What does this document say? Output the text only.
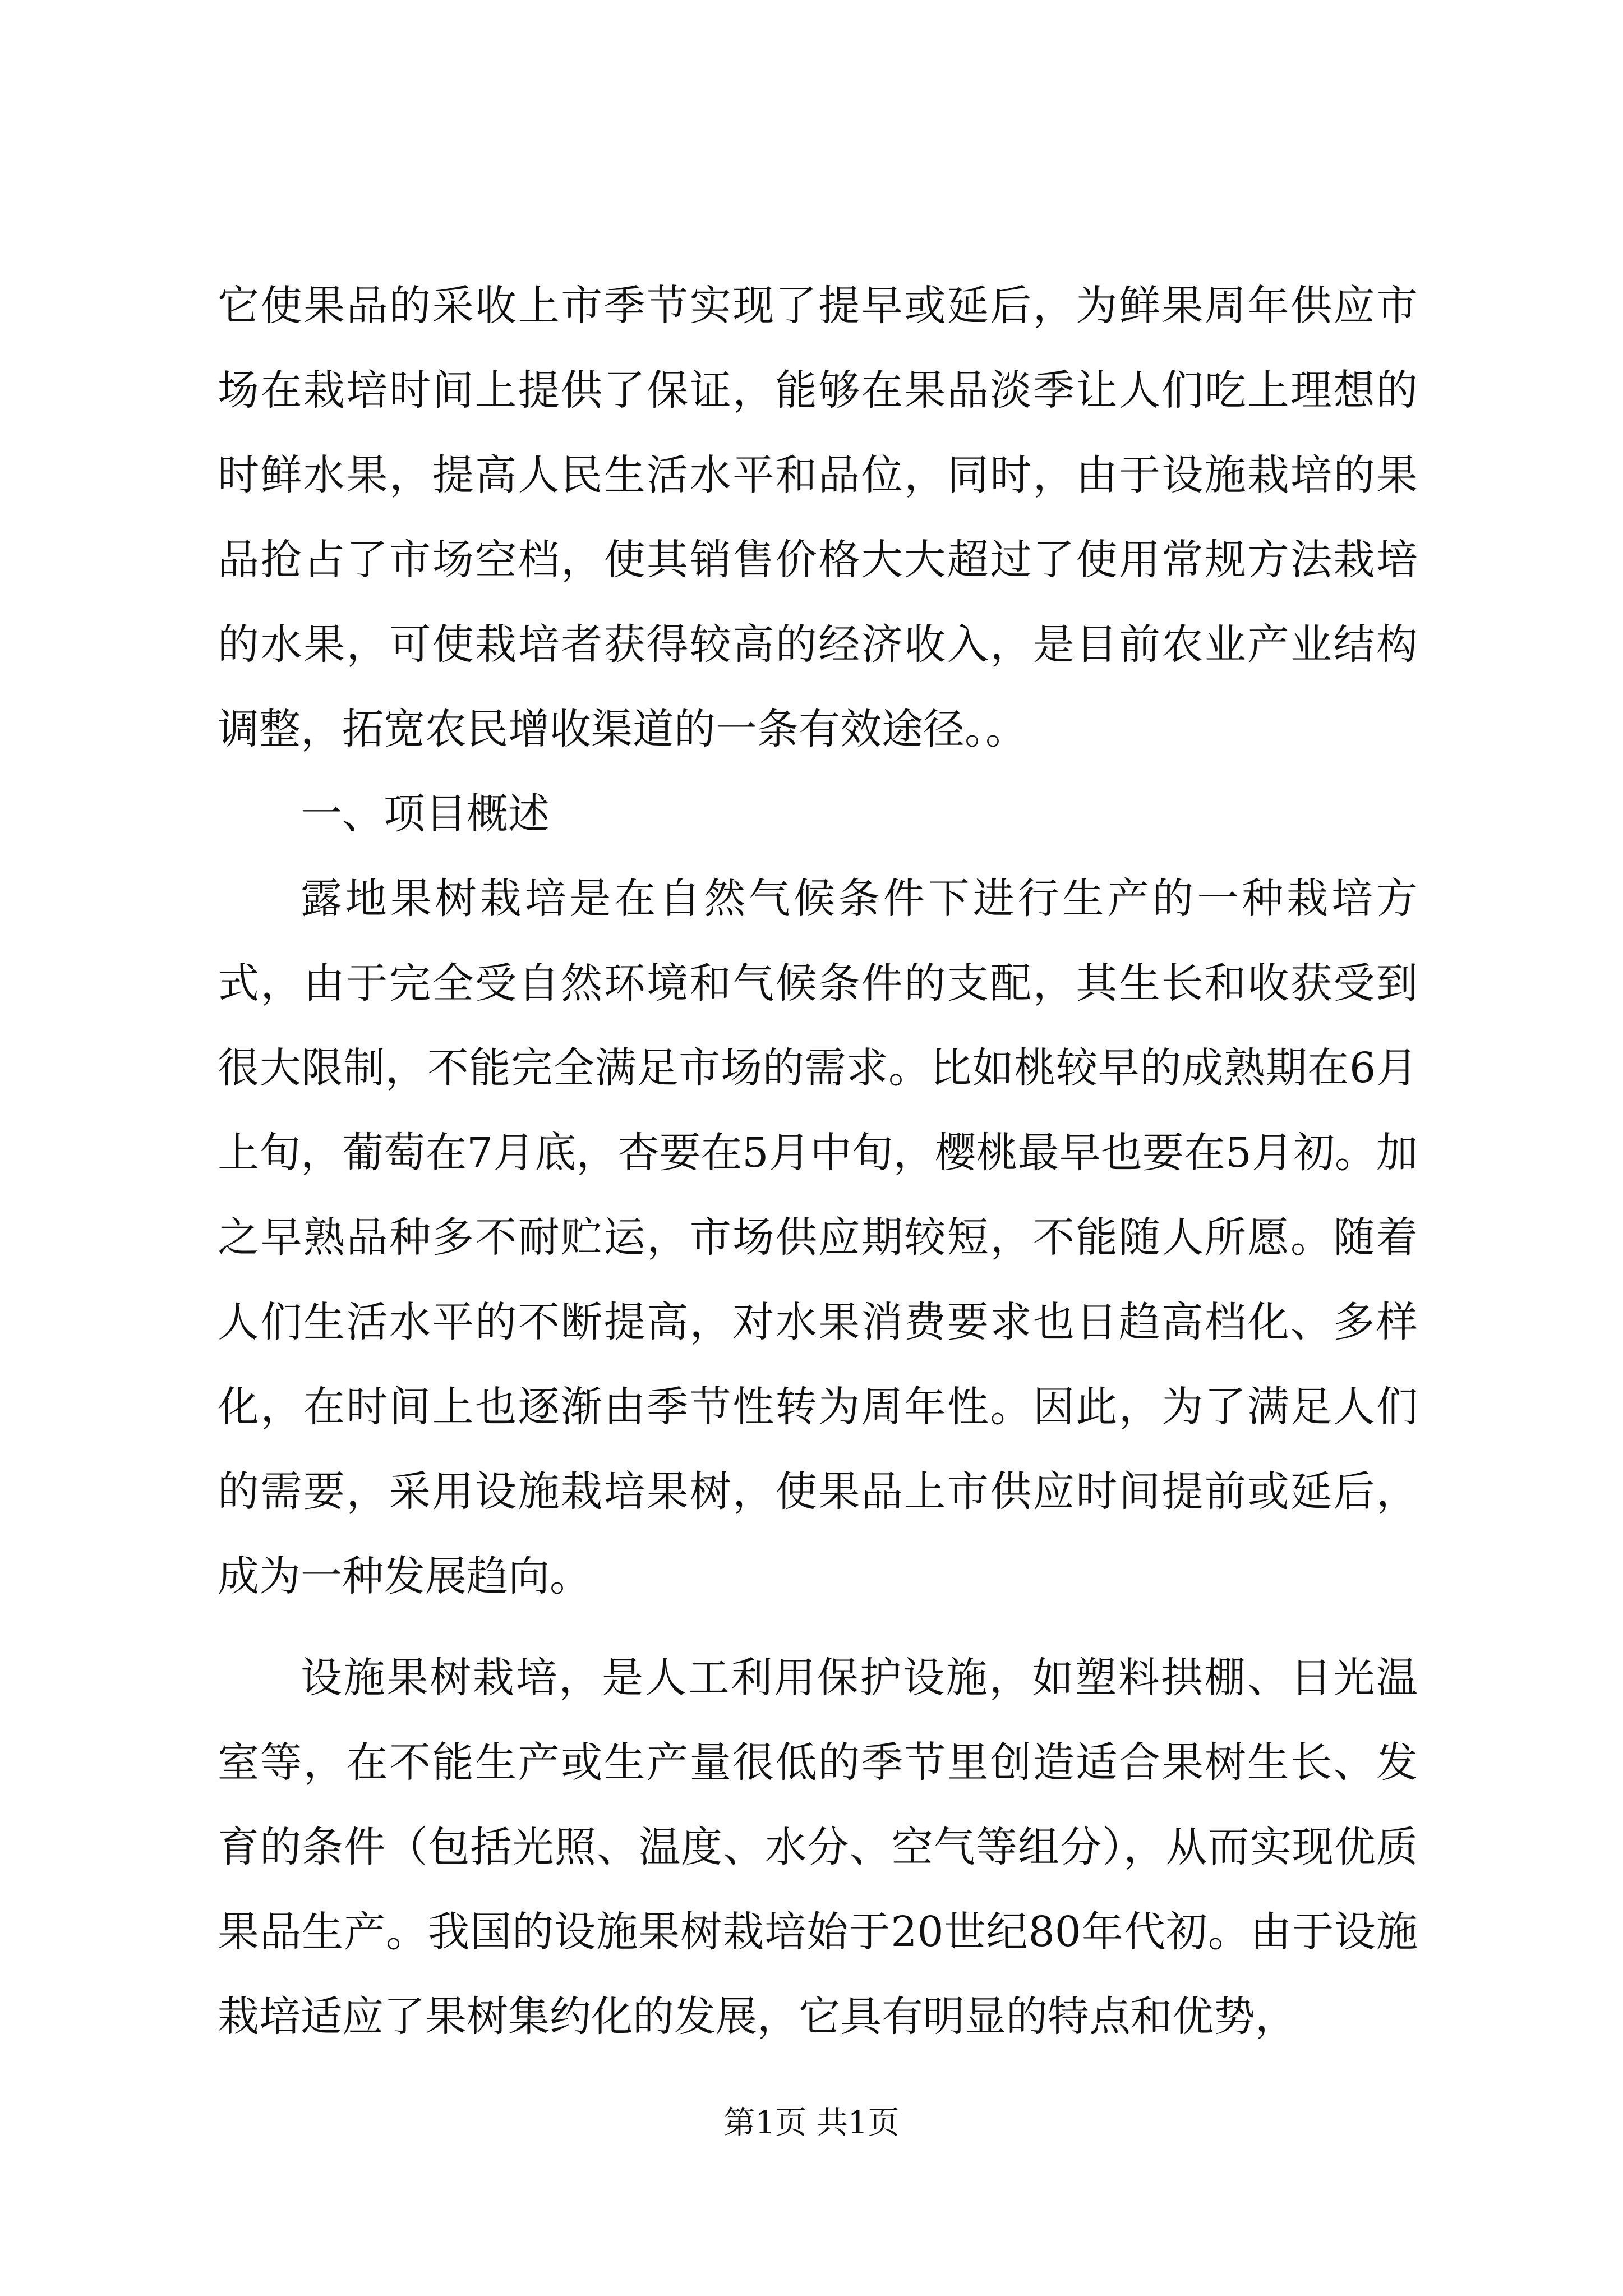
它使果品的采收上市季节实现了提早或延后，为鲜果周年供应市场在栽培时间上提供了保证，能够在果品淡季让人们吃上理想的时鲜水果，提高人民生活水平和品位，同时，由于设施栽培的果品抢占了市场空档，使其销售价格大大超过了使用常规方法栽培的水果，可使栽培者获得较高的经济收入，是目前农业产业结构调整，拓宽农民增收渠道的一条有效途径。。

一、项目概述

露地果树栽培是在自然气候条件下进行生产的一种栽培方式，由于完全受自然环境和气候条件的支配，其生长和收获受到很大限制，不能完全满足市场的需求。比如桃较早的成熟期在6月上旬，葡萄在7月底，杏要在5月中旬，樱桃最早也要在5月初。加之早熟品种多不耐贮运，市场供应期较短，不能随人所愿。随着人们生活水平的不断提高，对水果消费要求也日趋高档化、多样化，在时间上也逐渐由季节性转为周年性。因此，为了满足人们的需要，采用设施栽培果树，使果品上市供应时间提前或延后，成为一种发展趋向。

设施果树栽培，是人工利用保护设施，如塑料拱棚、日光温室等，在不能生产或生产量很低的季节里创造适合果树生长、发育的条件（包括光照、温度、水分、空气等组分），从而实现优质果品生产。我国的设施果树栽培始于20世纪80年代初。由于设施栽培适应了果树集约化的发展，它具有明显的特点和优势，

第1页 共1页
